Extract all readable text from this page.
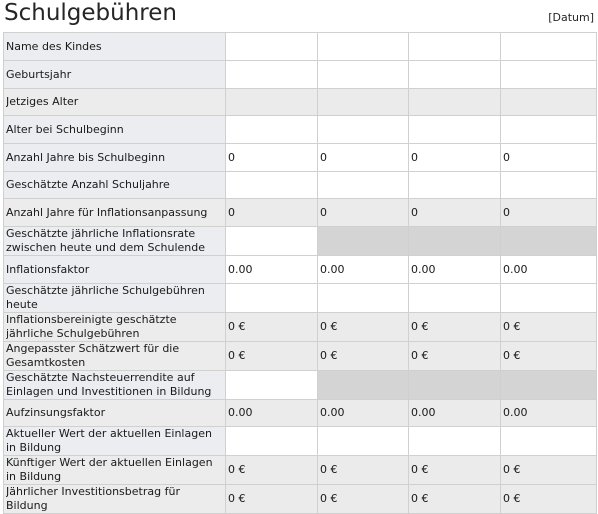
Schulgebühren	[Datum]
Name des Kindes				

Geburtsjahr				

Jetziges Alter				

Alter bei Schulbeginn				

Anzahl Jahre bis Schulbeginn	0	0	0	0

Geschätzte Anzahl Schuljahre				

Anzahl Jahre für Inflationsanpassung	0	0	0	0

Geschätzte jährliche Inflationsrate zwischen heute und dem Schulende				

Inflationsfaktor	0.00	0.00	0.00	0.00

Geschätzte jährliche Schulgebühren heute				

Inflationsbereinigte geschätzte jährliche Schulgebühren	0 €	0 €	0 €	0 €

Angepasster Schätzwert für die Gesamtkosten	0 €	0 €	0 €	0 €

Geschätzte Nachsteuerrendite auf Einlagen und Investitionen in Bildung				

Aufzinsungsfaktor	0.00	0.00	0.00	0.00

Aktueller Wert der aktuellen Einlagen in Bildung				

Künftiger Wert der aktuellen Einlagen in Bildung	0 €	0 €	0 €	0 €

Jährlicher Investitionsbetrag für Bildung	0 €	0 €	0 €	0 €
